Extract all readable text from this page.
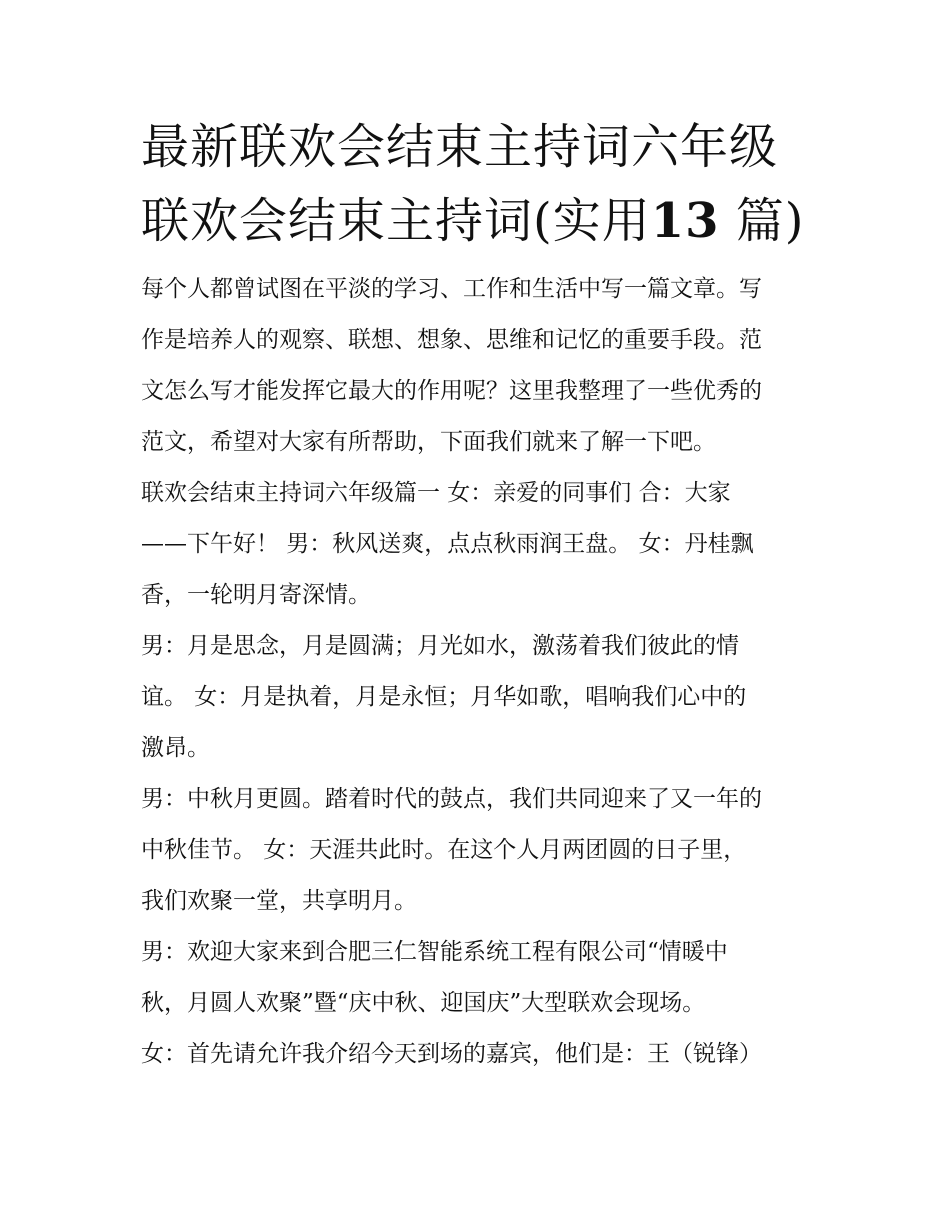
最新联欢会结束主持词六年级
联欢会结束主持词(实用13 篇)

每个人都曾试图在平淡的学习、工作和生活中写一篇文章。写
作是培养人的观察、联想、想象、思维和记忆的重要手段。范
文怎么写才能发挥它最大的作用呢？这里我整理了一些优秀的
范文，希望对大家有所帮助，下面我们就来了解一下吧。

联欢会结束主持词六年级篇一 女：亲爱的同事们 合：大家
——下午好！ 男：秋风送爽，点点秋雨润王盘。 女：丹桂飘
香，一轮明月寄深情。

男：月是思念，月是圆满；月光如水，激荡着我们彼此的情
谊。 女：月是执着，月是永恒；月华如歌，唱响我们心中的
激昂。

男：中秋月更圆。踏着时代的鼓点，我们共同迎来了又一年的
中秋佳节。 女：天涯共此时。在这个人月两团圆的日子里，
我们欢聚一堂，共享明月。

男：欢迎大家来到合肥三仁智能系统工程有限公司“情暖中
秋，月圆人欢聚”暨“庆中秋、迎国庆”大型联欢会现场。

女：首先请允许我介绍今天到场的嘉宾，他们是：王（锐锋）
